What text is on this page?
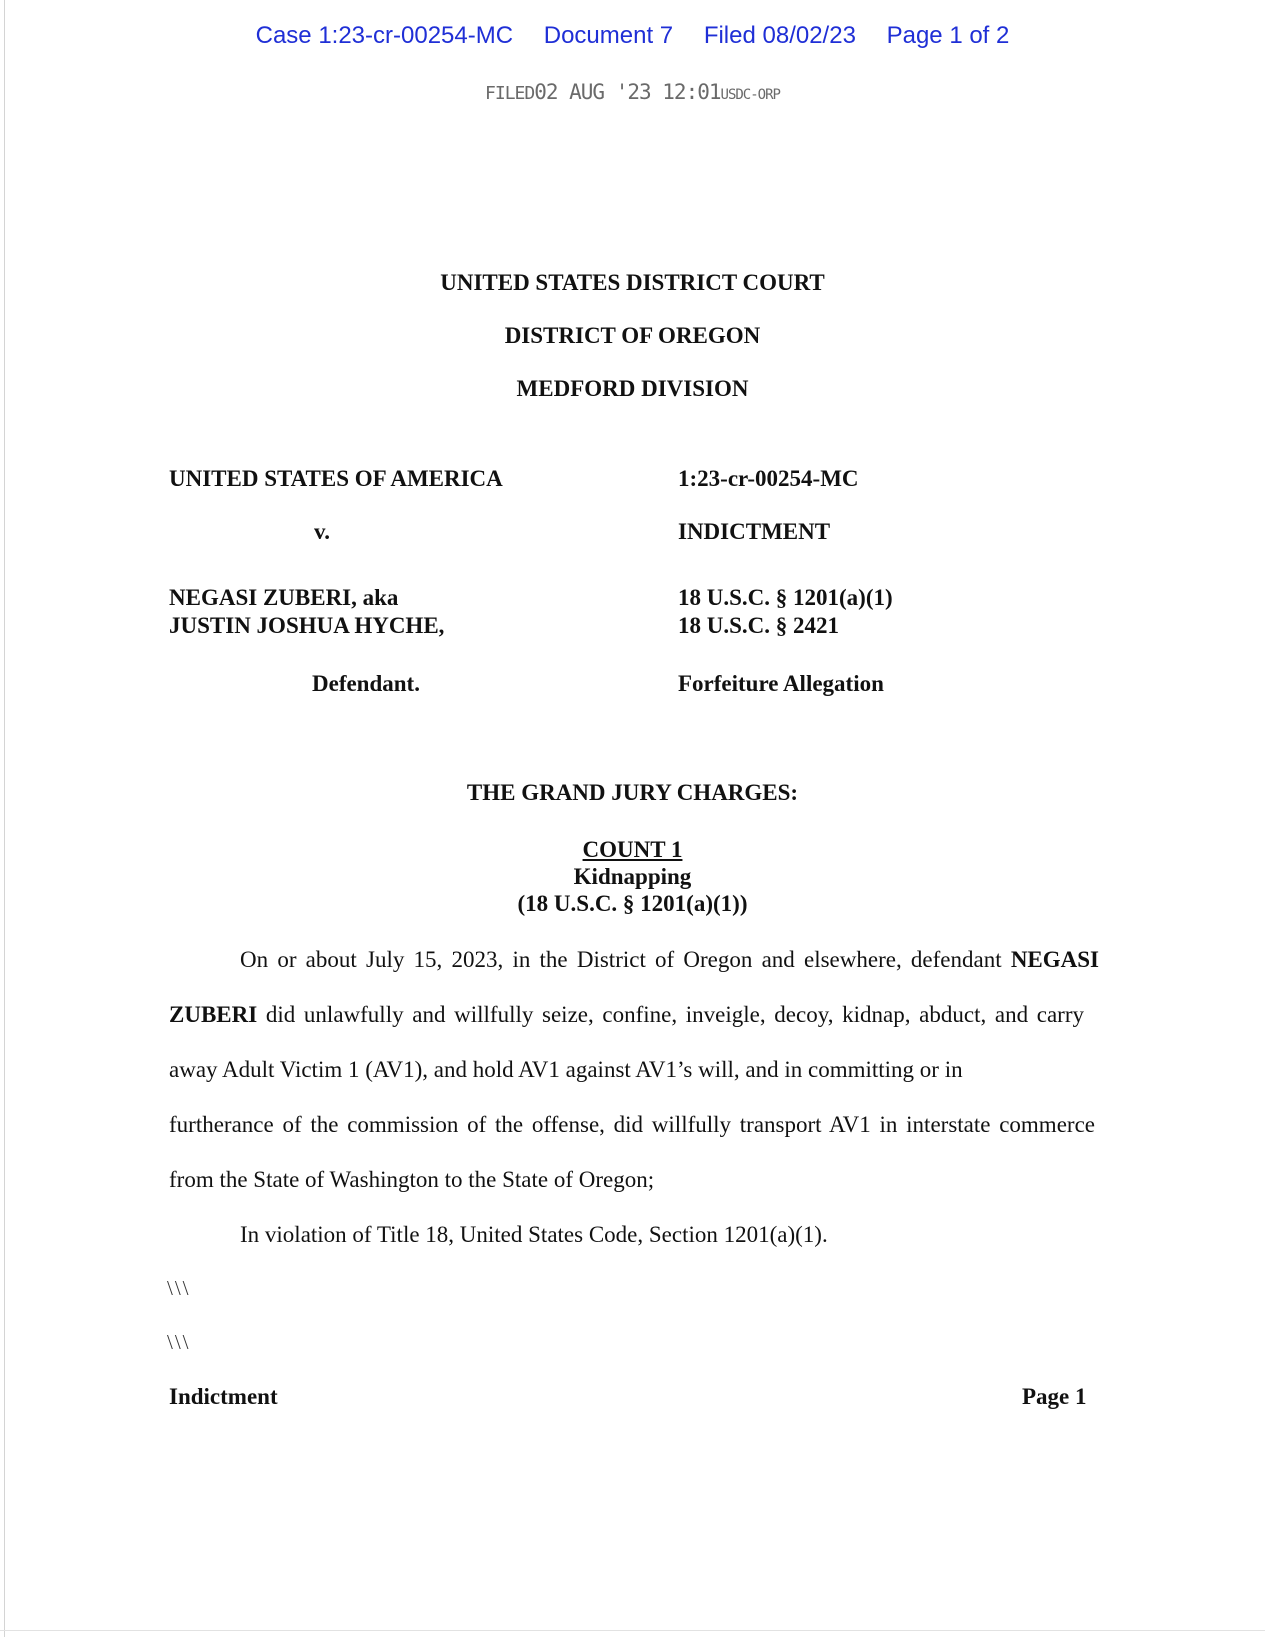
Case 1:23-cr-00254-MC Document 7 Filed 08/02/23 Page 1 of 2
FILED02 AUG '23 12:01USDC-ORP
UNITED STATES DISTRICT COURT
DISTRICT OF OREGON
MEDFORD DIVISION
UNITED STATES OF AMERICA
v.
NEGASI ZUBERI, aka
JUSTIN JOSHUA HYCHE,
Defendant.
1:23-cr-00254-MC
INDICTMENT
18 U.S.C. § 1201(a)(1)
18 U.S.C. § 2421
Forfeiture Allegation
THE GRAND JURY CHARGES:
COUNT 1
Kidnapping
(18 U.S.C. § 1201(a)(1))
On or about July 15, 2023, in the District of Oregon and elsewhere, defendant NEGASI
ZUBERI did unlawfully and willfully seize, confine, inveigle, decoy, kidnap, abduct, and carry
away Adult Victim 1 (AV1), and hold AV1 against AV1’s will, and in committing or in
furtherance of the commission of the offense, did willfully transport AV1 in interstate commerce
from the State of Washington to the State of Oregon;
In violation of Title 18, United States Code, Section 1201(a)(1).
\\\
\\\
Indictment	Page 1
